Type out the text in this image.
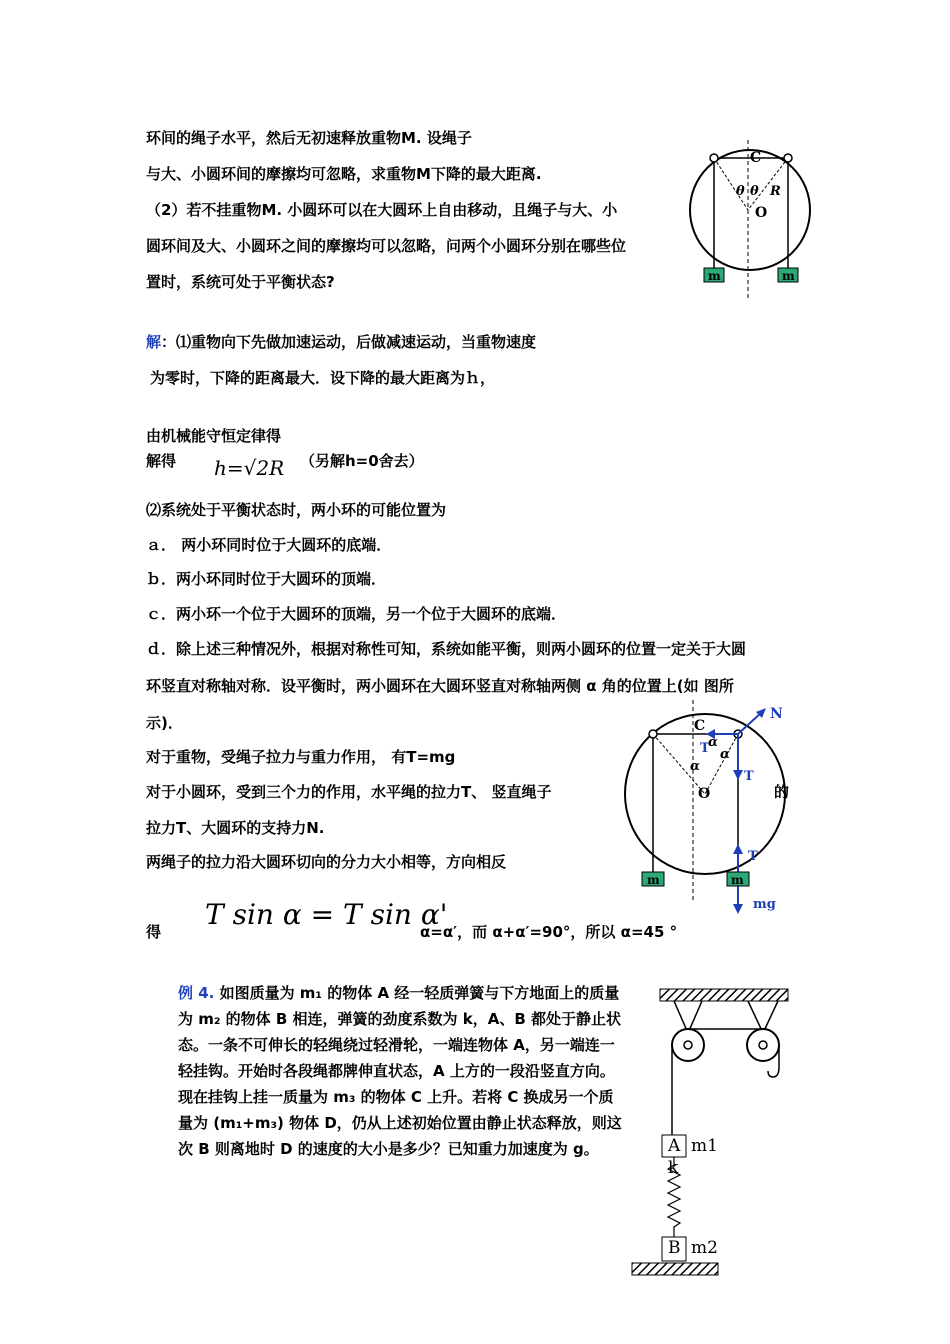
环间的绳子水平，然后无初速释放重物M. 设绳子
与大、小圆环间的摩擦均可忽略，求重物M下降的最大距离.
（2）若不挂重物M. 小圆环可以在大圆环上自由移动，且绳子与大、小
圆环间及大、小圆环之间的摩擦均可以忽略，问两个小圆环分别在哪些位
置时，系统可处于平衡状态?
解：⑴重物向下先做加速运动，后做减速运动，当重物速度
为零时，下降的距离最大．设下降的最大距离为ｈ，
由机械能守恒定律得
解得 h=√2R （另解h=0舍去）
⑵系统处于平衡状态时，两小环的可能位置为
ａ． 两小环同时位于大圆环的底端．
ｂ．两小环同时位于大圆环的顶端．
ｃ．两小环一个位于大圆环的顶端，另一个位于大圆环的底端．
ｄ．除上述三种情况外，根据对称性可知，系统如能平衡，则两小圆环的位置一定关于大圆
环竖直对称轴对称．设平衡时，两小圆环在大圆环竖直对称轴两侧 α 角的位置上(如 图所
示)．
对于重物，受绳子拉力与重力作用， 有T=mg
对于小圆环，受到三个力的作用，水平绳的拉力T、 竖直绳子	的
拉力T、大圆环的支持力N.
两绳子的拉力沿大圆环切向的分力大小相等，方向相反
得
T sin α = T sin α'
α=α′，而 α+α′=90°，所以 α=45 °
C
θ θ R
O
m	m
C
N
T
α
α
α
T
O
T
m	m
mg
例 4. 如图质量为 m₁ 的物体 A 经一轻质弹簧与下方地面上的质量为 m₂ 的物体 B 相连，弹簧的劲度系数为 k，A、B 都处于静止状态。一条不可伸长的轻绳绕过轻滑轮，一端连物体 A，另一端连一轻挂钩。开始时各段绳都牌伸直状态，A 上方的一段沿竖直方向。现在挂钩上挂一质量为 m₃ 的物体 C 上升。若将 C 换成另一个质量为 (m₁+m₃) 物体 D，仍从上述初始位置由静止状态释放，则这次 B 则离地时 D 的速度的大小是多少？已知重力加速度为 g。	A m1
k
B m2
